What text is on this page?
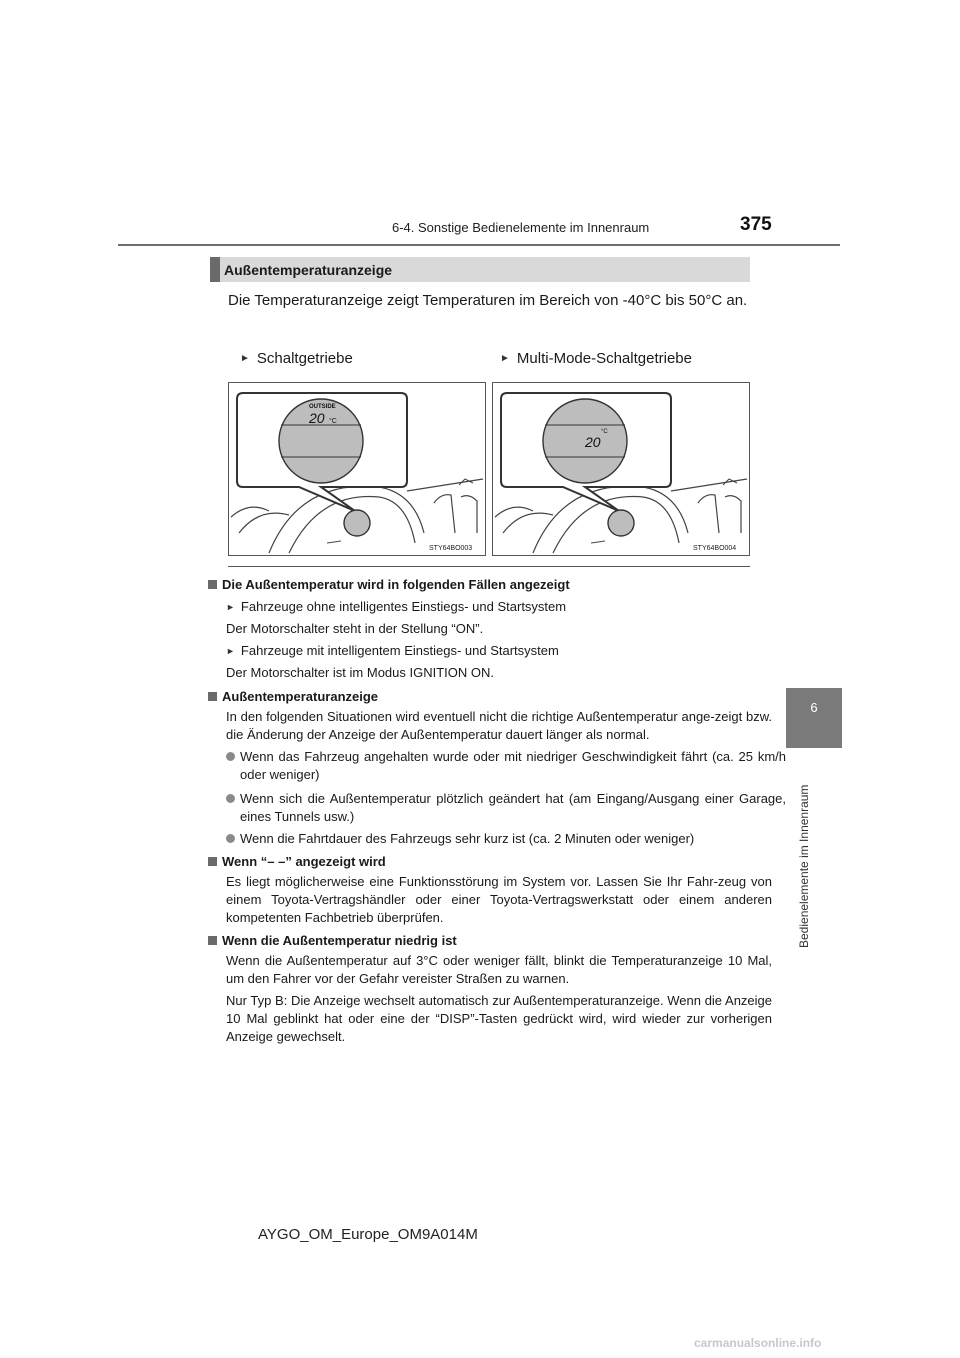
6-4. Sonstige Bedienelemente im Innenraum	375
6
Bedienelemente im Innenraum
Außentemperaturanzeige
Die Temperaturanzeige zeigt Temperaturen im Bereich von -40°C bis 50°C an.
► Schaltgetriebe	► Multi-Mode-Schaltgetriebe
OUTSIDE
20 °C
STY64BO003
°C
20
STY64BO004
Die Außentemperatur wird in folgenden Fällen angezeigt
► Fahrzeuge ohne intelligentes Einstiegs- und Startsystem
Der Motorschalter steht in der Stellung “ON”.
► Fahrzeuge mit intelligentem Einstiegs- und Startsystem
Der Motorschalter ist im Modus IGNITION ON.
Außentemperaturanzeige
In den folgenden Situationen wird eventuell nicht die richtige Außentemperatur ange-zeigt bzw. die Änderung der Anzeige der Außentemperatur dauert länger als normal.
Wenn das Fahrzeug angehalten wurde oder mit niedriger Geschwindigkeit fährt (ca. 25 km/h oder weniger)
Wenn sich die Außentemperatur plötzlich geändert hat (am Eingang/Ausgang einer Garage, eines Tunnels usw.)
Wenn die Fahrtdauer des Fahrzeugs sehr kurz ist (ca. 2 Minuten oder weniger)
Wenn “– –” angezeigt wird
Es liegt möglicherweise eine Funktionsstörung im System vor. Lassen Sie Ihr Fahr-zeug von einem Toyota-Vertragshändler oder einer Toyota-Vertragswerkstatt oder einem anderen kompetenten Fachbetrieb überprüfen.
Wenn die Außentemperatur niedrig ist
Wenn die Außentemperatur auf 3°C oder weniger fällt, blinkt die Temperaturanzeige 10 Mal, um den Fahrer vor der Gefahr vereister Straßen zu warnen.
Nur Typ B: Die Anzeige wechselt automatisch zur Außentemperaturanzeige. Wenn die Anzeige 10 Mal geblinkt hat oder eine der “DISP”-Tasten gedrückt wird, wird wieder zur vorherigen Anzeige gewechselt.
AYGO_OM_Europe_OM9A014M
carmanualsonline.info
